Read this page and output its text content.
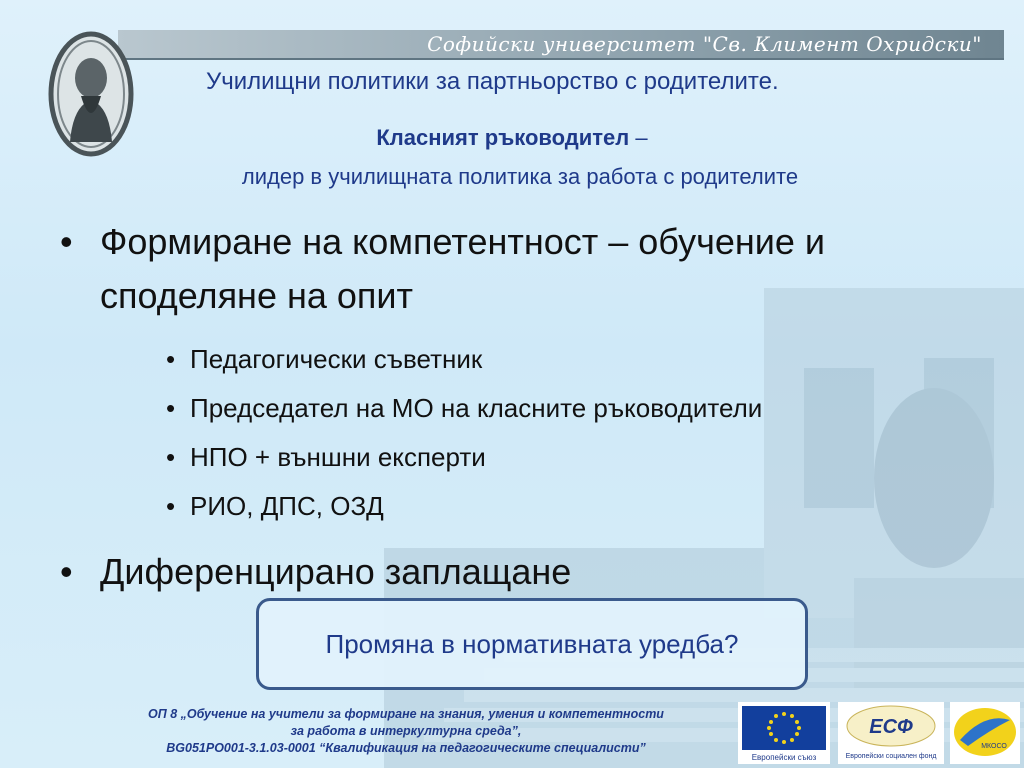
Софийски университет "Св. Климент Охридски"
Училищни политики за партньорство с родителите.
Класният ръководител –
лидер в училищната политика за работа с родителите
• Формиране на компетентност – обучение и споделяне на опит
• Педагогически съветник
• Председател на МО на класните ръководители
• НПО + външни експерти
• РИО, ДПС, ОЗД
• Диференцирано заплащане
Промяна в нормативната уредба?
ОП 8 „Обучение на учители за формиране на знания, умения и компетентности
за работа в интеркултурна среда”,
BG051PO001-3.1.03-0001 “Квалификация на педагогическите специалисти”
Европейски съюз
ЕСФ
Европейски социален фонд
МКОСО
